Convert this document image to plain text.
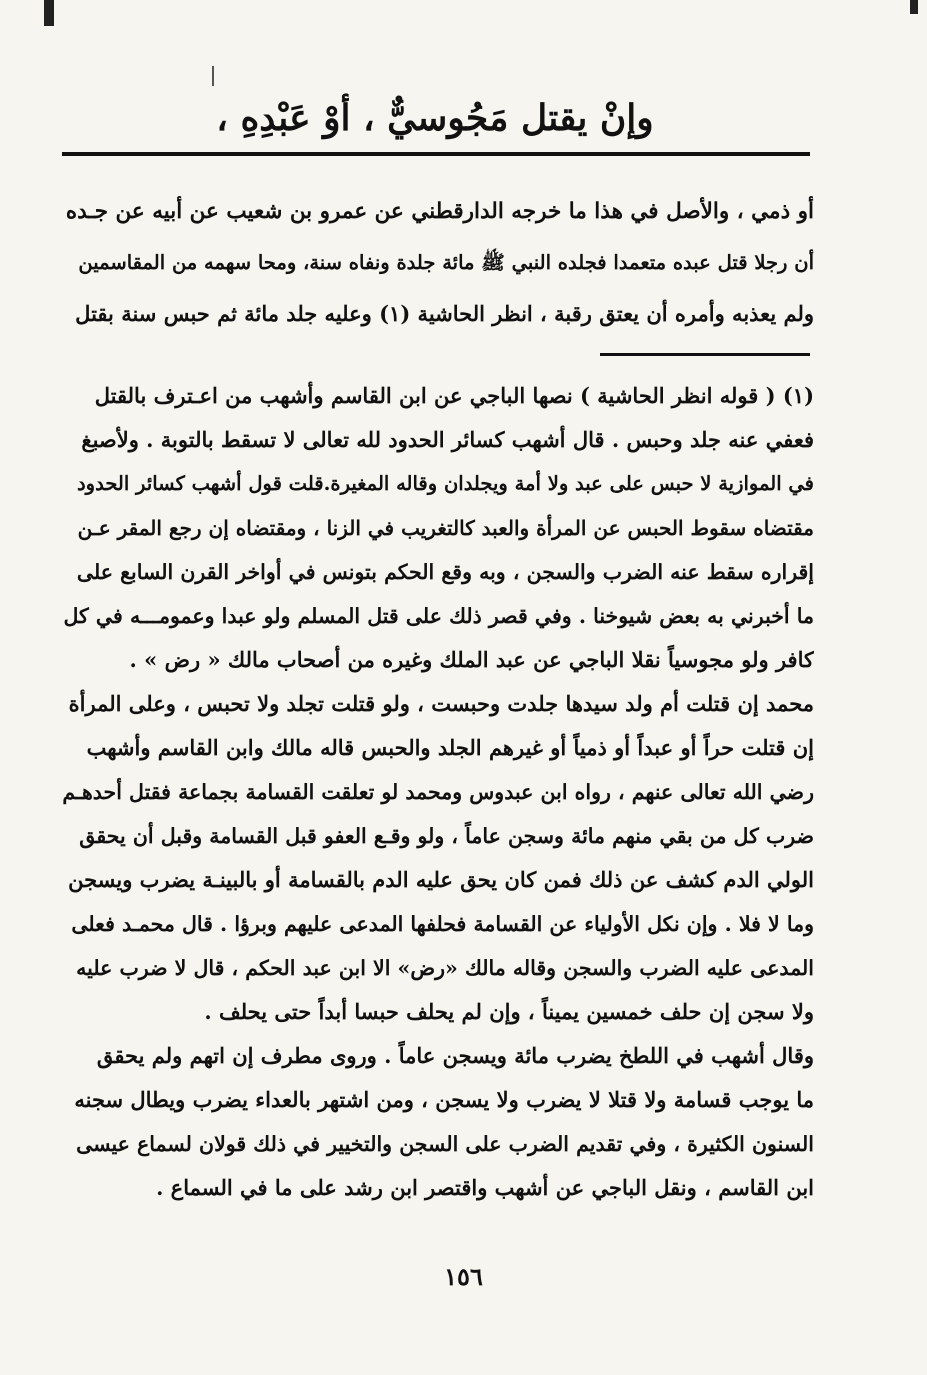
وإنْ يقتل مَجُوسيٌّ ، أوْ عَبْدِهِ ،
أو ذمي ، والأصل في هذا ما خرجه الدارقطني عن عمرو بن شعيب عن أبيه عن جـده
أن رجلا قتل عبده متعمدا فجلده النبي ﷺ مائة جلدة ونفاه سنة، ومحا سهمه من المقاسمين
ولم يعذبه وأمره أن يعتق رقبة ، انظر الحاشية (١) وعليه جلد مائة ثم حبس سنة بقتل
(١) ( قوله انظر الحاشية ) نصها الباجي عن ابن القاسم وأشهب من اعـترف بالقتل
فعفي عنه جلد وحبس . قال أشهب كسائر الحدود لله تعالى لا تسقط بالتوبة . ولأصبغ
في الموازية لا حبس على عبد ولا أمة ويجلدان وقاله المغيرة.قلت قول أشهب كسائر الحدود
مقتضاه سقوط الحبس عن المرأة والعبد كالتغريب في الزنا ، ومقتضاه إن رجع المقر عـن
إقراره سقط عنه الضرب والسجن ، وبه وقع الحكم بتونس في أواخر القرن السابع على
ما أخبرني به بعض شيوخنا . وفي قصر ذلك على قتل المسلم ولو عبدا وعمومـــه في كل
كافر ولو مجوسياً نقلا الباجي عن عبد الملك وغيره من أصحاب مالك « رض » .
محمد إن قتلت أم ولد سيدها جلدت وحبست ، ولو قتلت تجلد ولا تحبس ، وعلى المرأة
إن قتلت حراً أو عبداً أو ذمياً أو غيرهم الجلد والحبس قاله مالك وابن القاسم وأشهب
رضي الله تعالى عنهم ، رواه ابن عبدوس ومحمد لو تعلقت القسامة بجماعة فقتل أحدهـم
ضرب كل من بقي منهم مائة وسجن عاماً ، ولو وقـع العفو قبل القسامة وقبل أن يحقق
الولي الدم كشف عن ذلك فمن كان يحق عليه الدم بالقسامة أو بالبينـة يضرب ويسجن
وما لا فلا . وإن نكل الأولياء عن القسامة فحلفها المدعى عليهم وبرؤا . قال محمـد فعلى
المدعى عليه الضرب والسجن وقاله مالك «رض» الا ابن عبد الحكم ، قال لا ضرب عليه
ولا سجن إن حلف خمسين يميناً ، وإن لم يحلف حبسا أبداً حتى يحلف .
وقال أشهب في اللطخ يضرب مائة ويسجن عاماً . وروى مطرف إن اتهم ولم يحقق
ما يوجب قسامة ولا قتلا لا يضرب ولا يسجن ، ومن اشتهر بالعداء يضرب ويطال سجنه
السنون الكثيرة ، وفي تقديم الضرب على السجن والتخيير في ذلك قولان لسماع عيسى
ابن القاسم ، ونقل الباجي عن أشهب واقتصر ابن رشد على ما في السماع .
١٥٦
